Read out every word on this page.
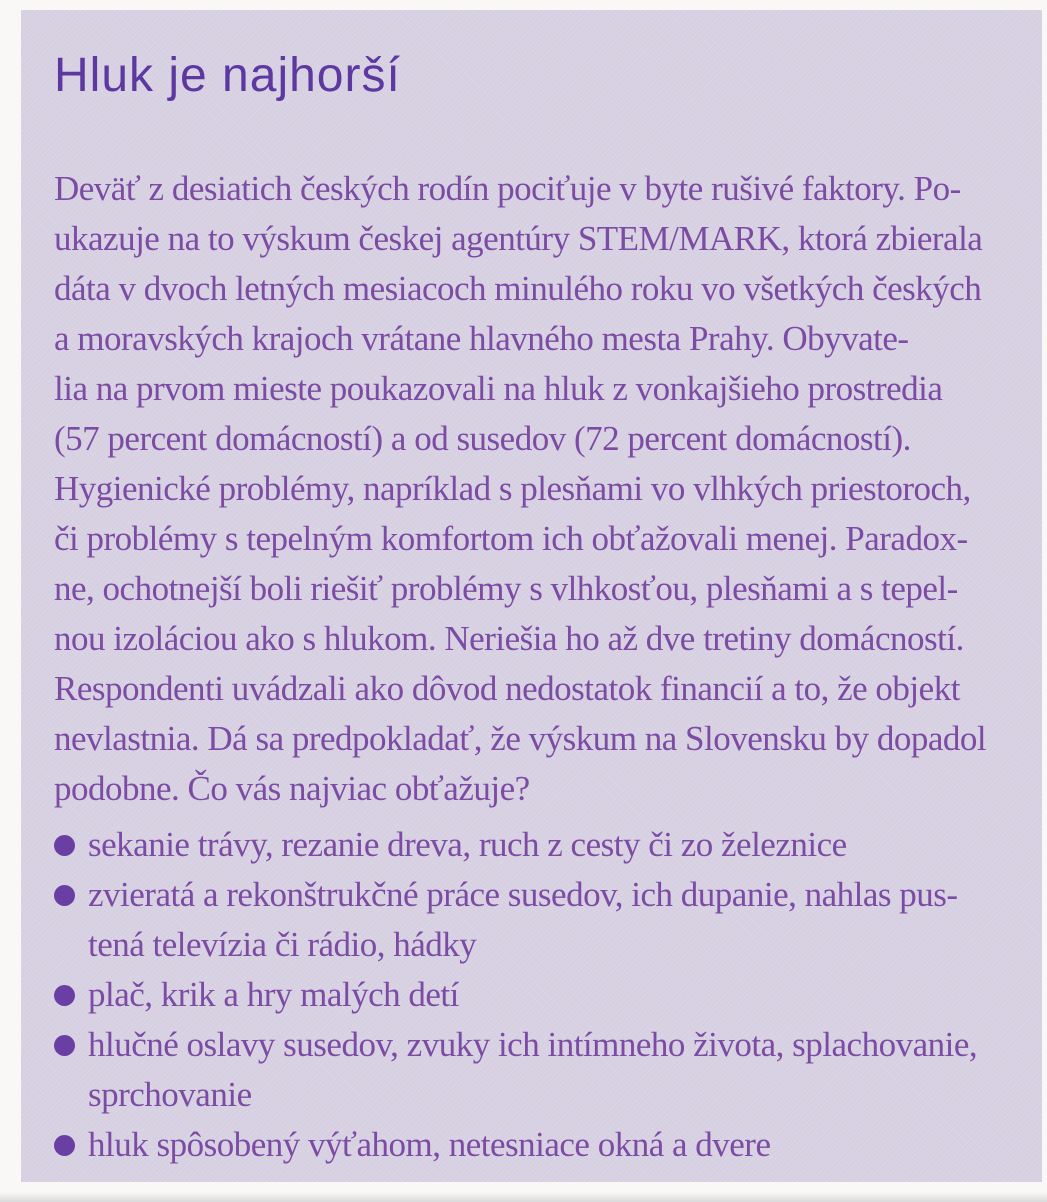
Hluk je najhorší
Deväť z desiatich českých rodín pociťuje v byte rušivé faktory. Po-
ukazuje na to výskum českej agentúry STEM/MARK, ktorá zbierala
dáta v dvoch letných mesiacoch minulého roku vo všetkých českých
a moravských krajoch vrátane hlavného mesta Prahy. Obyvate-
lia na prvom mieste poukazovali na hluk z vonkajšieho prostredia
(57 percent domácností) a od susedov (72 percent domácností).
Hygienické problémy, napríklad s plesňami vo vlhkých priestoroch,
či problémy s tepelným komfortom ich obťažovali menej. Paradox-
ne, ochotnejší boli riešiť problémy s vlhkosťou, plesňami a s tepel-
nou izoláciou ako s hlukom. Neriešia ho až dve tretiny domácností.
Respondenti uvádzali ako dôvod nedostatok financií a to, že objekt
nevlastnia. Dá sa predpokladať, že výskum na Slovensku by dopadol
podobne. Čo vás najviac obťažuje?
sekanie trávy, rezanie dreva, ruch z cesty či zo železnice
zvieratá a rekonštrukčné práce susedov, ich dupanie, nahlas pus-
tená televízia či rádio, hádky
plač, krik a hry malých detí
hlučné oslavy susedov, zvuky ich intímneho života, splachovanie,
sprchovanie
hluk spôsobený výťahom, netesniace okná a dvere
